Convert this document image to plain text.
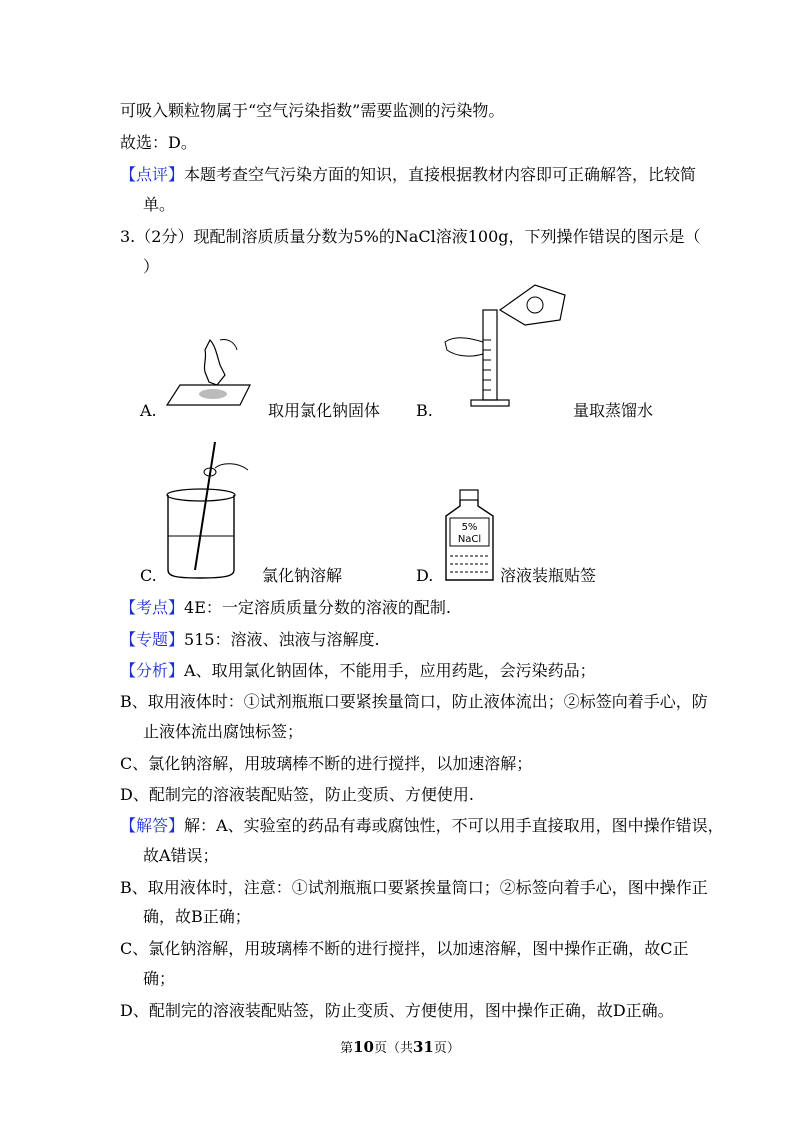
可吸入颗粒物属于“空气污染指数”需要监测的污染物。
故选：D。
【点评】本题考查空气污染方面的知识，直接根据教材内容即可正确解答，比较简
单。
3.（2分）现配制溶质质量分数为5%的NaCl溶液100g，下列操作错误的图示是（
）
A.	取用氯化钠固体 B.	量取蒸馏水
C.	氯化钠溶解
5%
NaCl
D.	溶液装瓶贴签
【考点】4E：一定溶质质量分数的溶液的配制.
【专题】515：溶液、浊液与溶解度.
【分析】A、取用氯化钠固体，不能用手，应用药匙，会污染药品；
B、取用液体时：①试剂瓶瓶口要紧挨量筒口，防止液体流出；②标签向着手心，防
止液体流出腐蚀标签；
C、氯化钠溶解，用玻璃棒不断的进行搅拌，以加速溶解；
D、配制完的溶液装配贴签，防止变质、方便使用.
【解答】解：A、实验室的药品有毒或腐蚀性，不可以用手直接取用，图中操作错误，
故A错误；
B、取用液体时，注意：①试剂瓶瓶口要紧挨量筒口；②标签向着手心，图中操作正
确，故B正确；
C、氯化钠溶解，用玻璃棒不断的进行搅拌，以加速溶解，图中操作正确，故C正
确；
D、配制完的溶液装配贴签，防止变质、方便使用，图中操作正确，故D正确。
第10页（共31页）
